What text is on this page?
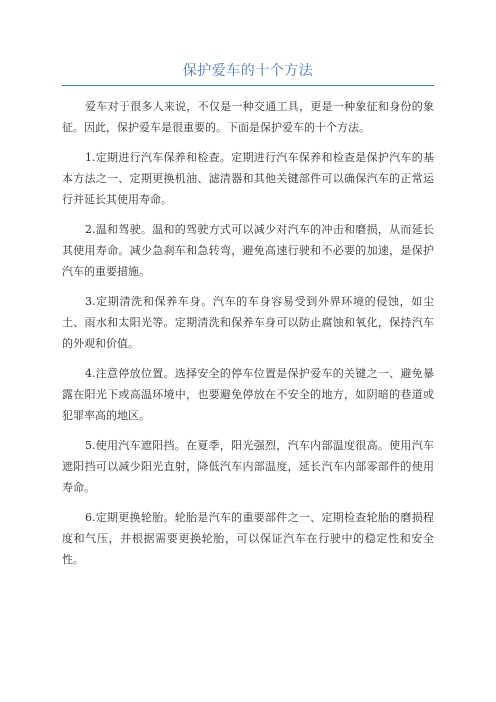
保护爱车的十个方法

爱车对于很多人来说，不仅是一种交通工具，更是一种象征和身份的象征。因此，保护爱车是很重要的。下面是保护爱车的十个方法。

1.定期进行汽车保养和检查。定期进行汽车保养和检查是保护汽车的基本方法之一、定期更换机油、滤清器和其他关键部件可以确保汽车的正常运行并延长其使用寿命。

2.温和驾驶。温和的驾驶方式可以减少对汽车的冲击和磨损，从而延长其使用寿命。减少急刹车和急转弯，避免高速行驶和不必要的加速，是保护汽车的重要措施。

3.定期清洗和保养车身。汽车的车身容易受到外界环境的侵蚀，如尘土、雨水和太阳光等。定期清洗和保养车身可以防止腐蚀和氧化，保持汽车的外观和价值。

4.注意停放位置。选择安全的停车位置是保护爱车的关键之一、避免暴露在阳光下或高温环境中，也要避免停放在不安全的地方，如阴暗的巷道或犯罪率高的地区。

5.使用汽车遮阳挡。在夏季，阳光强烈，汽车内部温度很高。使用汽车遮阳挡可以减少阳光直射，降低汽车内部温度，延长汽车内部零部件的使用寿命。

6.定期更换轮胎。轮胎是汽车的重要部件之一、定期检查轮胎的磨损程度和气压，并根据需要更换轮胎，可以保证汽车在行驶中的稳定性和安全性。
